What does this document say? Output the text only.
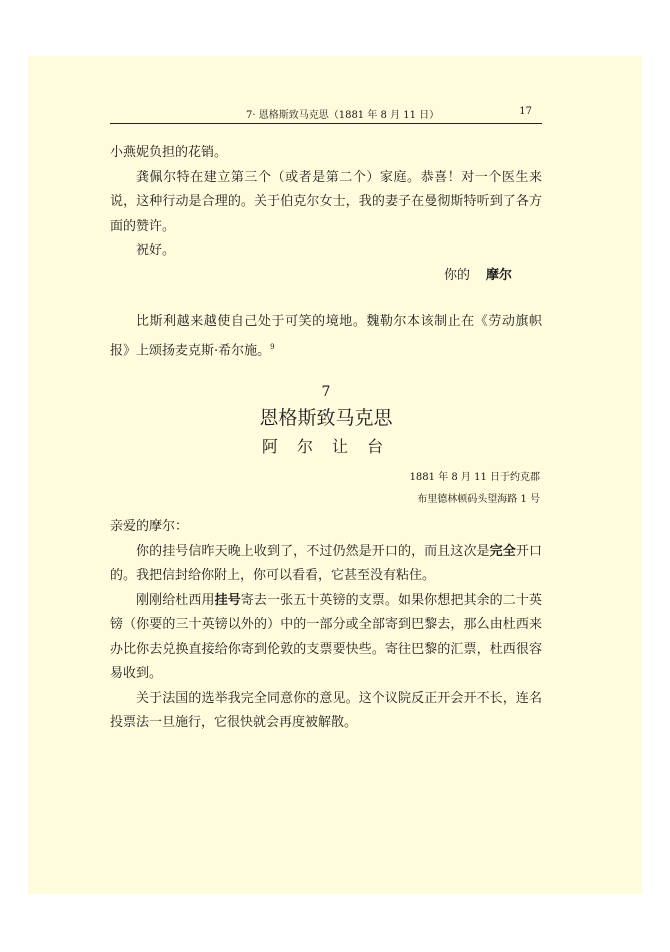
7· 恩格斯致马克思（1881 年 8 月 11 日）	17

小燕妮负担的花销。

龚佩尔特在建立第三个（或者是第二个）家庭。恭喜！对一个医生来说，这种行动是合理的。关于伯克尔女士，我的妻子在曼彻斯特听到了各方面的赞许。

祝好。

你的 摩尔

比斯利越来越使自己处于可笑的境地。魏勒尔本该制止在《劳动旗帜报》上颂扬麦克斯·希尔施。$^9$

7

恩格斯致马克思

阿 尔 让 台

1881 年 8 月 11 日于约克郡

布里德林顿码头望海路 1 号

亲爱的摩尔：

你的挂号信昨天晚上收到了，不过仍然是开口的，而且这次是完全开口的。我把信封给你附上，你可以看看，它甚至没有粘住。

刚刚给杜西用挂号寄去一张五十英镑的支票。如果你想把其余的二十英镑（你要的三十英镑以外的）中的一部分或全部寄到巴黎去，那么由杜西来办比你去兑换直接给你寄到伦敦的支票要快些。寄往巴黎的汇票，杜西很容易收到。

关于法国的选举我完全同意你的意见。这个议院反正开会开不长，连名投票法一旦施行，它很快就会再度被解散。
